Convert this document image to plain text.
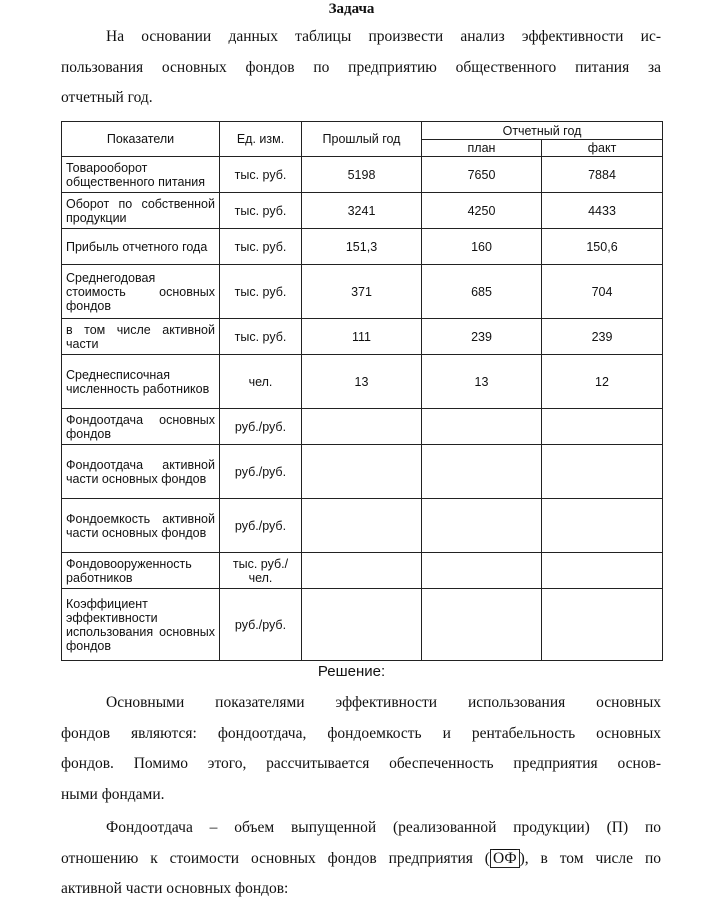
Задача
На основании данных таблицы произвести анализ эффективности ис-
пользования основных фондов по предприятию общественного питания за
отчетный год.
Показатели	Ед. изм.	Прошлый год	Отчетный год	
			план	факт
Товарооборот общественного питания	тыс. руб.	5198	7650	7884
Оборот по собственной продукции	тыс. руб.	3241	4250	4433
Прибыль отчетного года	тыс. руб.	151,3	160	150,6
Среднегодовая стоимость основных фондов	тыс. руб.	371	685	704
в том числе активной части	тыс. руб.	111	239	239
Среднесписочная численность работников	чел.	13	13	12
Фондоотдача основных фондов	руб./руб.			
Фондоотдача активной части основных фондов	руб./руб.			
Фондоемкость активной части основных фондов	руб./руб.			
Фондовооруженность работников	тыс. руб./чел.			
Коэффициент эффективности использования основных фондов	руб./руб.			
Решение:
Основными показателями эффективности использования основных
фондов являются: фондоотдача, фондоемкость и рентабельность основных
фондов. Помимо этого, рассчитывается обеспеченность предприятия основ-
ными фондами.
Фондоотдача – объем выпущенной (реализованной продукции) (П) по
отношению к стоимости основных фондов предприятия ( ОФ ), в том числе по
активной части основных фондов:
